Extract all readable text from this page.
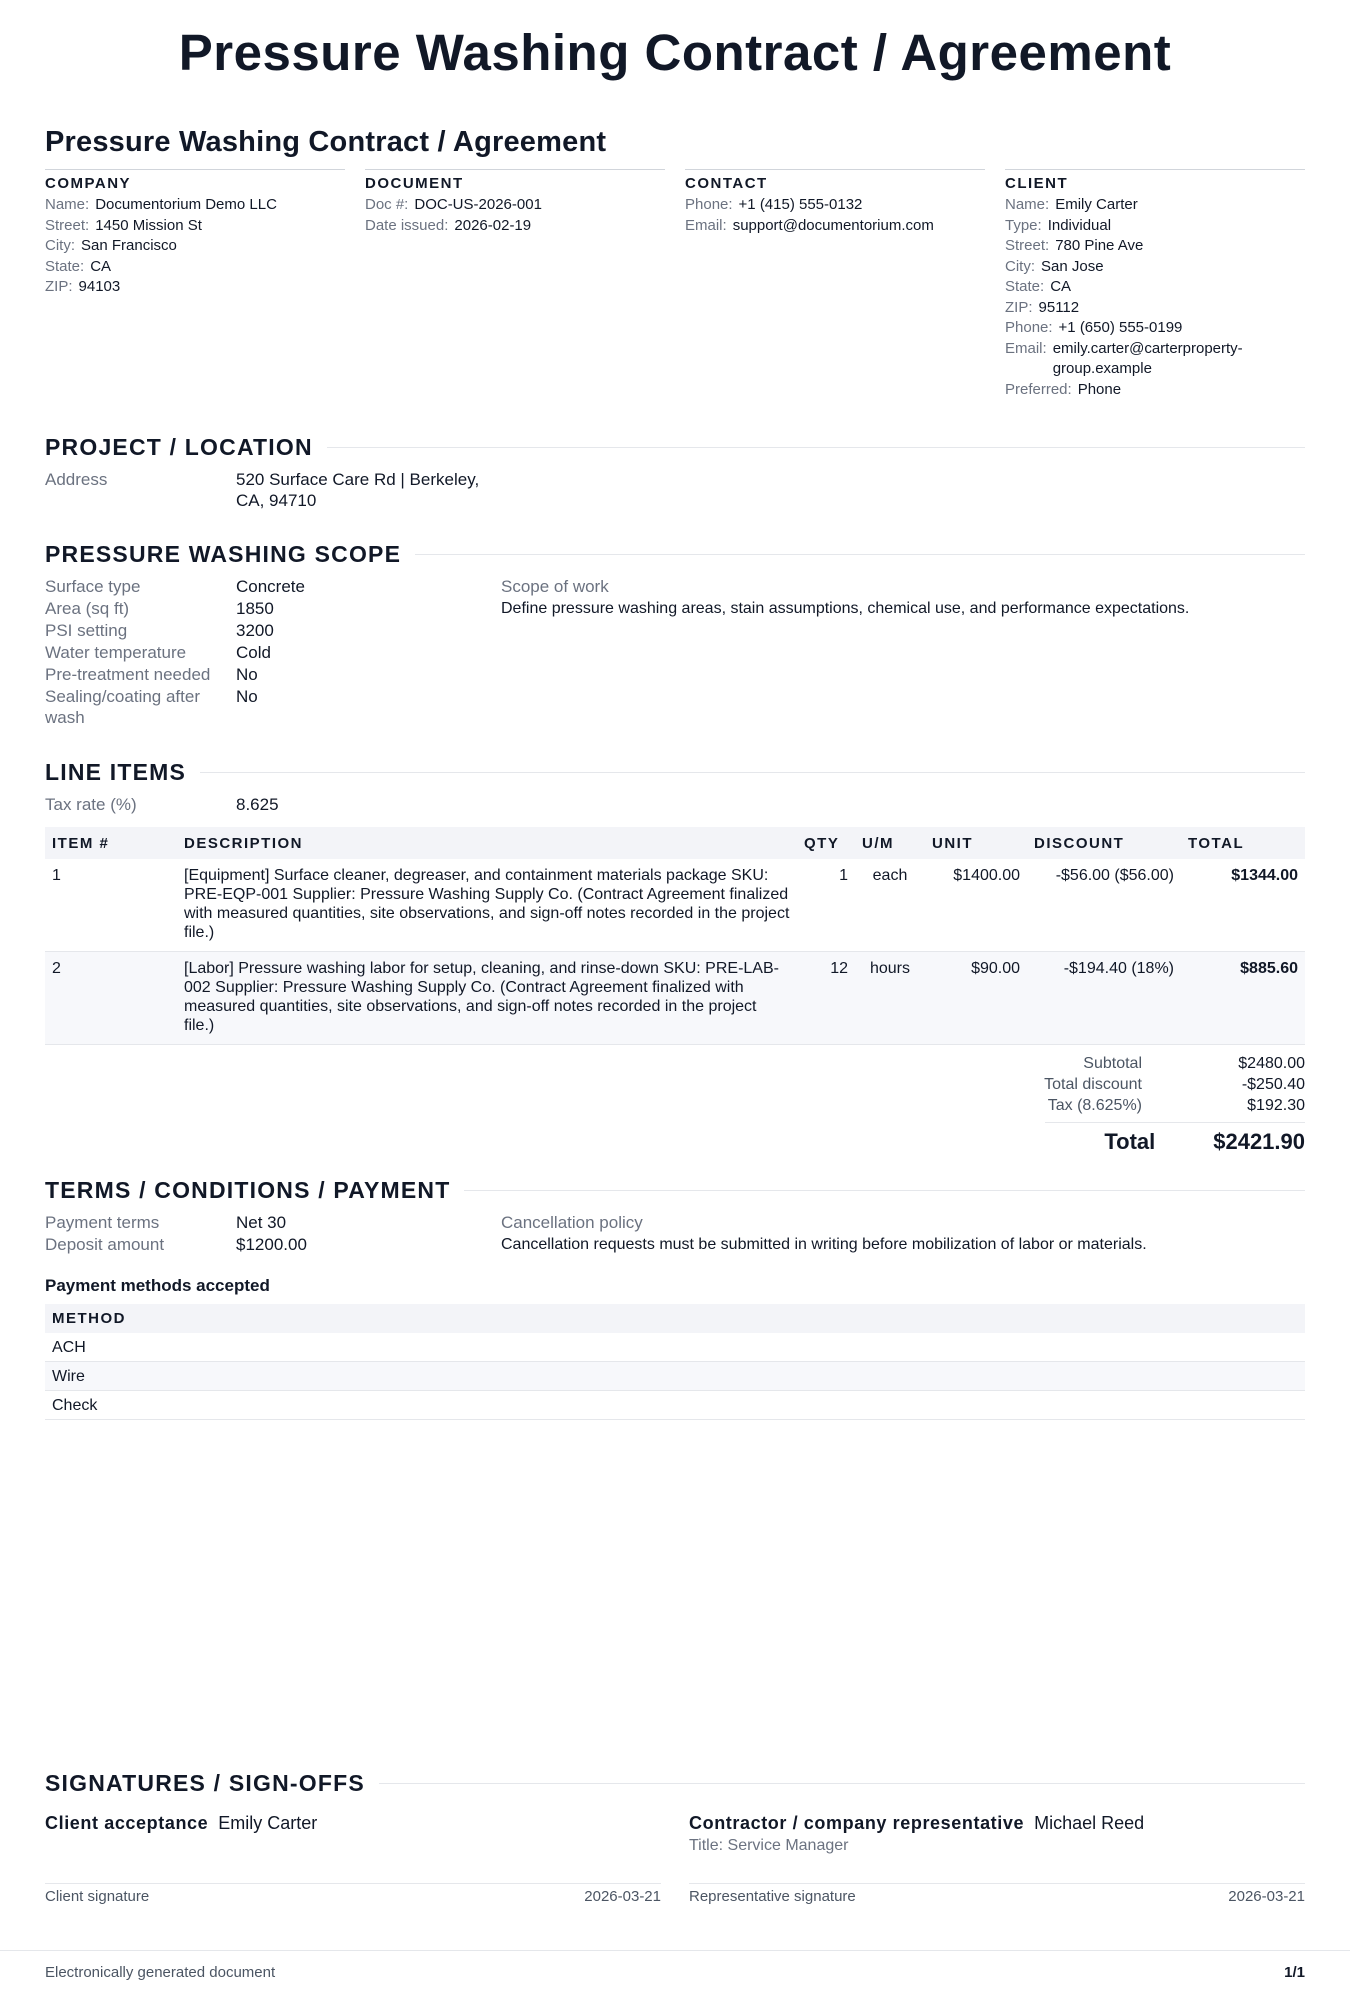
Pressure Washing Contract / Agreement
Pressure Washing Contract / Agreement
COMPANY
Name: Documentorium Demo LLC
Street: 1450 Mission St
City: San Francisco
State: CA
ZIP: 94103
DOCUMENT
Doc #: DOC-US-2026-001
Date issued: 2026-02-19
CONTACT
Phone: +1 (415) 555-0132
Email: support@documentorium.com
CLIENT
Name: Emily Carter
Type: Individual
Street: 780 Pine Ave
City: San Jose
State: CA
ZIP: 95112
Phone: +1 (650) 555-0199
Email: emily.carter@carterproperty-group.example
Preferred: Phone
PROJECT / LOCATION
Address	520 Surface Care Rd | Berkeley, CA, 94710
PRESSURE WASHING SCOPE
Surface type	Concrete
Area (sq ft)	1850
PSI setting	3200
Water temperature	Cold
Pre-treatment needed	No
Sealing/coating after wash
No
Scope of work
Define pressure washing areas, stain assumptions, chemical use, and performance expectations.
LINE ITEMS
Tax rate (%)	8.625
ITEM #	DESCRIPTION	QTY	U/M	UNIT	DISCOUNT	TOTAL
1	[Equipment] Surface cleaner, degreaser, and containment materials package SKU: PRE-EQP-001 Supplier: Pressure Washing Supply Co. (Contract Agreement finalized with measured quantities, site observations, and sign-off notes recorded in the project file.)	1	each	$1400.00	-$56.00 ($56.00)	$1344.00
2	[Labor] Pressure washing labor for setup, cleaning, and rinse-down SKU: PRE-LAB-002 Supplier: Pressure Washing Supply Co. (Contract Agreement finalized with measured quantities, site observations, and sign-off notes recorded in the project file.)	12	hours	$90.00	-$194.40 (18%)	$885.60
Subtotal	$2480.00
Total discount	-$250.40
Tax (8.625%)	$192.30
Total	$2421.90
TERMS / CONDITIONS / PAYMENT
Payment terms	Net 30
Deposit amount	$1200.00
Cancellation policy
Cancellation requests must be submitted in writing before mobilization of labor or materials.
Payment methods accepted
METHOD
ACH
Wire
Check
SIGNATURES / SIGN-OFFS
Client acceptance Emily Carter
Client signature	2026-03-21
Contractor / company representative Michael Reed
Title: Service Manager
Representative signature	2026-03-21
Electronically generated document	1/1
